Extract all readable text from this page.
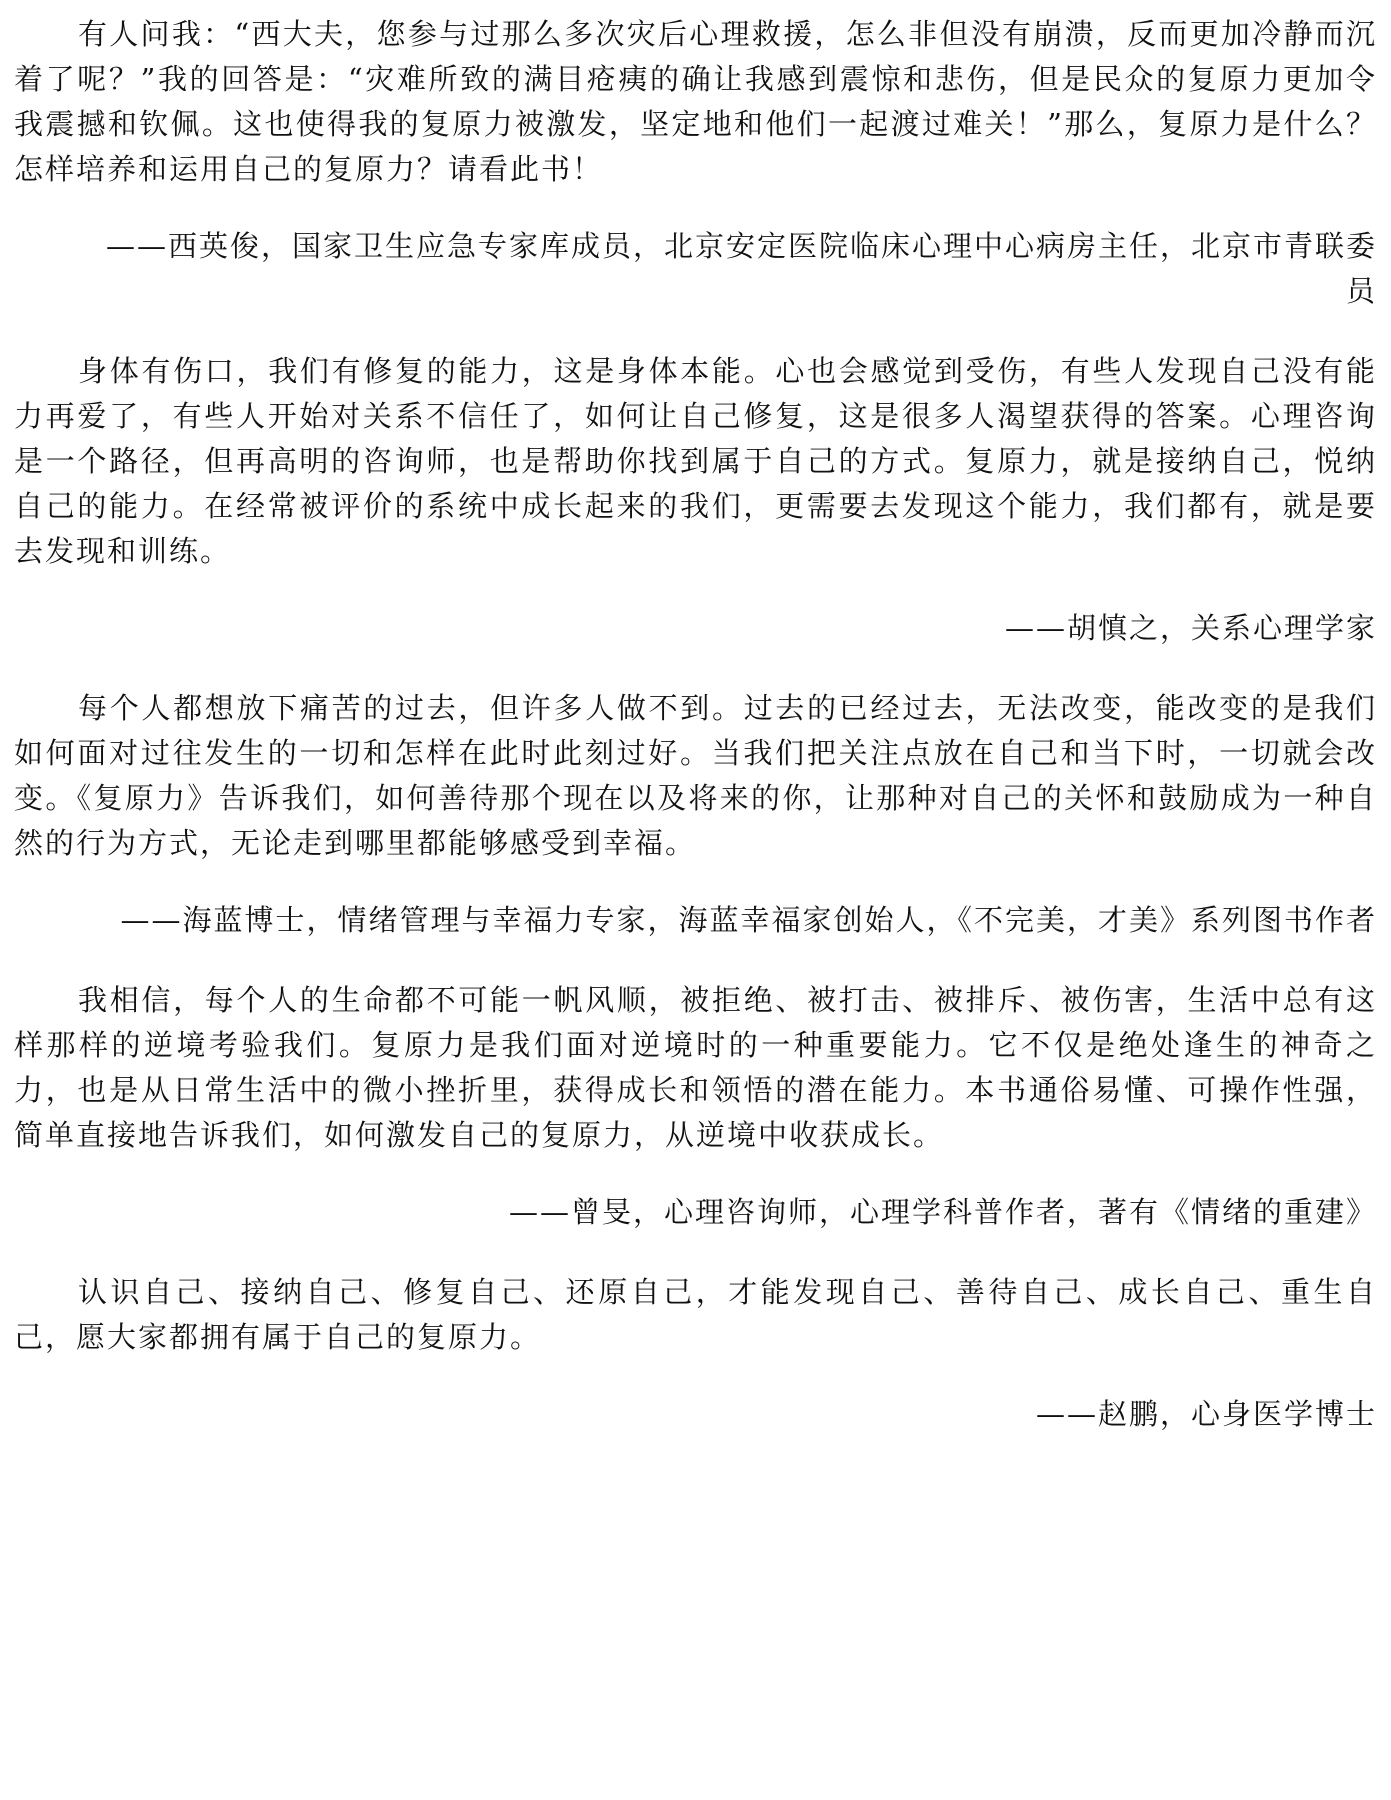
有人问我：“西大夫，您参与过那么多次灾后心理救援，怎么非但没有崩溃，反而更加冷静而沉着了呢？”我的回答是：“灾难所致的满目疮痍的确让我感到震惊和悲伤，但是民众的复原力更加令我震撼和钦佩。这也使得我的复原力被激发，坚定地和他们一起渡过难关！”那么，复原力是什么？怎样培养和运用自己的复原力？请看此书！

——西英俊，国家卫生应急专家库成员，北京安定医院临床心理中心病房主任，北京市青联委员

身体有伤口，我们有修复的能力，这是身体本能。心也会感觉到受伤，有些人发现自己没有能力再爱了，有些人开始对关系不信任了，如何让自己修复，这是很多人渴望获得的答案。心理咨询是一个路径，但再高明的咨询师，也是帮助你找到属于自己的方式。复原力，就是接纳自己，悦纳自己的能力。在经常被评价的系统中成长起来的我们，更需要去发现这个能力，我们都有，就是要去发现和训练。

——胡慎之，关系心理学家

每个人都想放下痛苦的过去，但许多人做不到。过去的已经过去，无法改变，能改变的是我们如何面对过往发生的一切和怎样在此时此刻过好。当我们把关注点放在自己和当下时，一切就会改变。《复原力》告诉我们，如何善待那个现在以及将来的你，让那种对自己的关怀和鼓励成为一种自然的行为方式，无论走到哪里都能够感受到幸福。

——海蓝博士，情绪管理与幸福力专家，海蓝幸福家创始人，《不完美，才美》系列图书作者

我相信，每个人的生命都不可能一帆风顺，被拒绝、被打击、被排斥、被伤害，生活中总有这样那样的逆境考验我们。复原力是我们面对逆境时的一种重要能力。它不仅是绝处逢生的神奇之力，也是从日常生活中的微小挫折里，获得成长和领悟的潜在能力。本书通俗易懂、可操作性强，简单直接地告诉我们，如何激发自己的复原力，从逆境中收获成长。

——曾旻，心理咨询师，心理学科普作者，著有《情绪的重建》

认识自己、接纳自己、修复自己、还原自己，才能发现自己、善待自己、成长自己、重生自己，愿大家都拥有属于自己的复原力。

——赵鹏，心身医学博士
